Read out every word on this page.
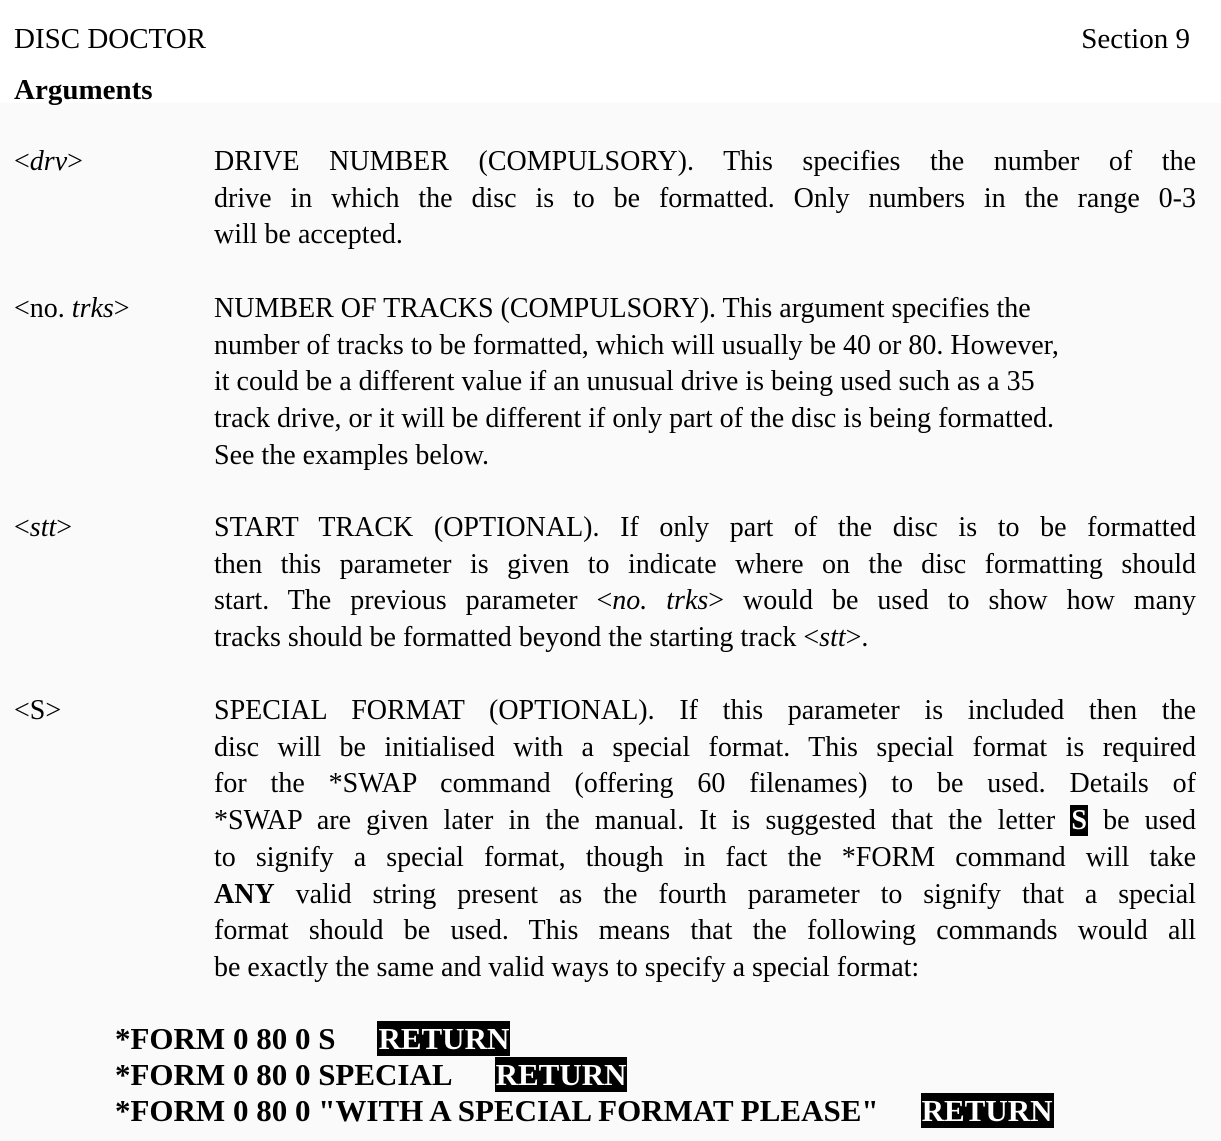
DISC DOCTOR	Section 9
Arguments
<drv>	DRIVE NUMBER (COMPULSORY). This specifies the number of the
drive in which the disc is to be formatted. Only numbers in the range 0-3
will be accepted.
<no. trks>	NUMBER OF TRACKS (COMPULSORY). This argument specifies the
number of tracks to be formatted, which will usually be 40 or 80. However,
it could be a different value if an unusual drive is being used such as a 35
track drive, or it will be different if only part of the disc is being formatted.
See the examples below.
<stt>	START TRACK (OPTIONAL). If only part of the disc is to be formatted
then this parameter is given to indicate where on the disc formatting should
start. The previous parameter <no. trks> would be used to show how many
tracks should be formatted beyond the starting track <stt>.
<S>	SPECIAL FORMAT (OPTIONAL). If this parameter is included then the
disc will be initialised with a special format. This special format is required
for the *SWAP command (offering 60 filenames) to be used. Details of
*SWAP are given later in the manual. It is suggested that the letter S be used
to signify a special format, though in fact the *FORM command will take
ANY valid string present as the fourth parameter to signify that a special
format should be used. This means that the following commands would all
be exactly the same and valid ways to specify a special format:
*FORM 0 80 0 S RETURN
*FORM 0 80 0 SPECIAL RETURN
*FORM 0 80 0 "WITH A SPECIAL FORMAT PLEASE" RETURN
